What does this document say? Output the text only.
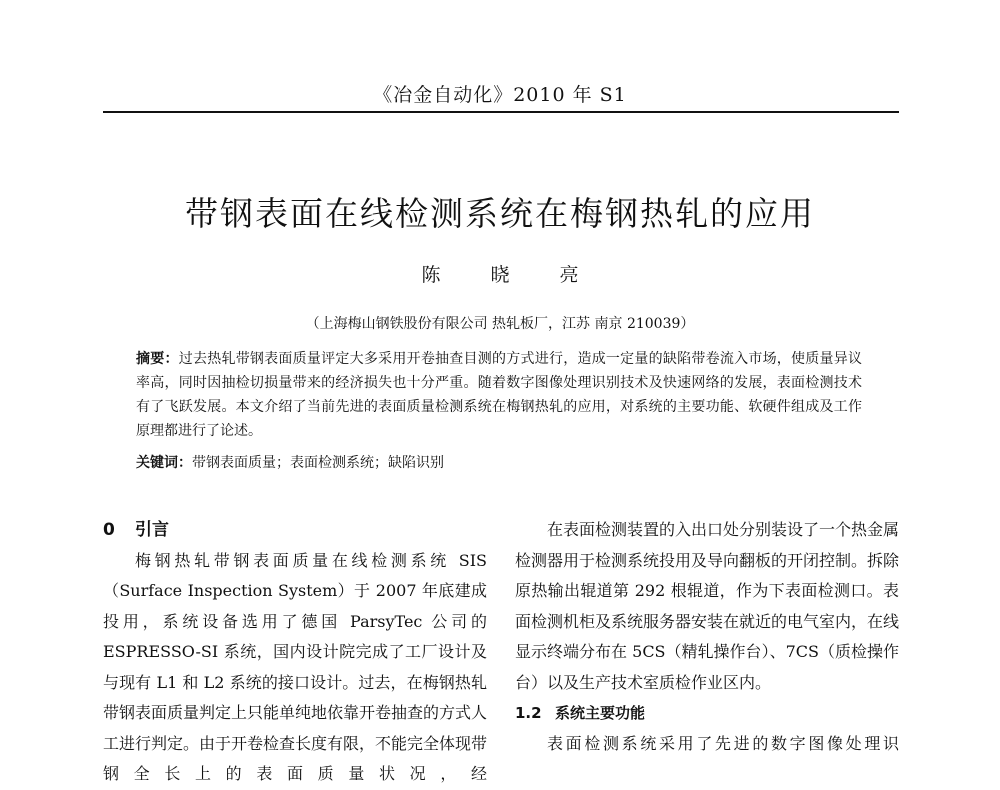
《冶金自动化》2010 年 S1
带钢表面在线检测系统在梅钢热轧的应用
陈 晓 亮
（上海梅山钢铁股份有限公司 热轧板厂，江苏 南京 210039）
摘要：过去热轧带钢表面质量评定大多采用开卷抽查目测的方式进行，造成一定量的缺陷带卷流入市场，使质量异议率高，同时因抽检切损量带来的经济损失也十分严重。随着数字图像处理识别技术及快速网络的发展，表面检测技术有了飞跃发展。本文介绍了当前先进的表面质量检测系统在梅钢热轧的应用，对系统的主要功能、软硬件组成及工作原理都进行了论述。
关键词：带钢表面质量；表面检测系统；缺陷识别
0 引言
梅钢热轧带钢表面质量在线检测系统 SIS（Surface Inspection System）于 2007 年底建成投用，系统设备选用了德国 ParsyTec 公司的 ESPRESSO-SI 系统，国内设计院完成了工厂设计及与现有 L1 和 L2 系统的接口设计。过去，在梅钢热轧带钢表面质量判定上只能单纯地依靠开卷抽查的方式人工进行判定。由于开卷检查长度有限，不能完全体现带钢全长上的表面质量状况，经
在表面检测装置的入出口处分别装设了一个热金属检测器用于检测系统投用及导向翻板的开闭控制。拆除原热输出辊道第 292 根辊道，作为下表面检测口。表面检测机柜及系统服务器安装在就近的电气室内，在线显示终端分布在 5CS（精轧操作台）、7CS（质检操作台）以及生产技术室质检作业区内。
1.2 系统主要功能
表面检测系统采用了先进的数字图像处理识
